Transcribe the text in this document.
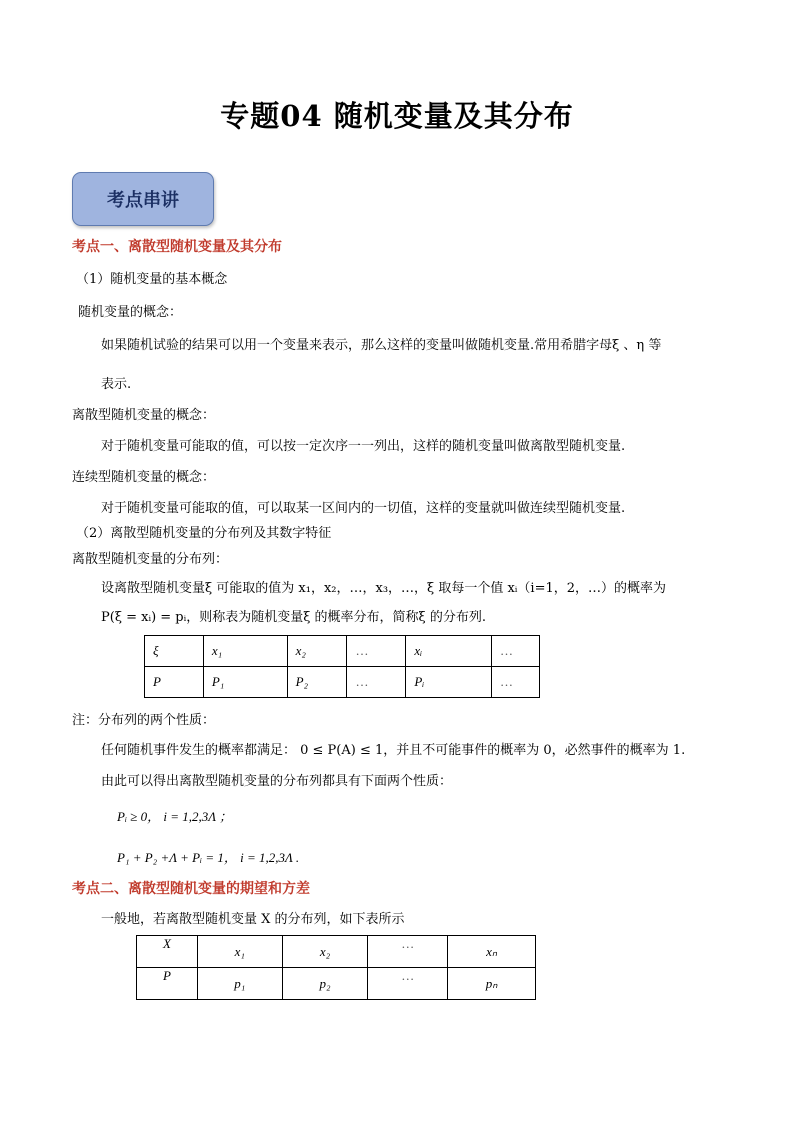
专题04 随机变量及其分布
考点串讲
考点一、离散型随机变量及其分布
（1）随机变量的基本概念
随机变量的概念：
如果随机试验的结果可以用一个变量来表示，那么这样的变量叫做随机变量.常用希腊字母ξ 、η 等
表示.
离散型随机变量的概念：
对于随机变量可能取的值，可以按一定次序一一列出，这样的随机变量叫做离散型随机变量.
连续型随机变量的概念：
对于随机变量可能取的值，可以取某一区间内的一切值，这样的变量就叫做连续型随机变量.
（2）离散型随机变量的分布列及其数字特征
离散型随机变量的分布列：
设离散型随机变量ξ 可能取的值为 x₁，x₂，…，x₃，…，ξ 取每一个值 xᵢ（i=1，2，…）的概率为
P(ξ = xᵢ) = pᵢ，则称表为随机变量ξ 的概率分布，简称ξ 的分布列.
ξ	x₁	x₂	…	xᵢ	…
P	P₁	P₂	…	Pᵢ	…
注：分布列的两个性质：
任何随机事件发生的概率都满足： 0 ≤ P(A) ≤ 1，并且不可能事件的概率为 0，必然事件的概率为 1.
由此可以得出离散型随机变量的分布列都具有下面两个性质：
Pᵢ ≥ 0， i = 1,2,3Λ ；
P₁ + P₂ +Λ + Pᵢ = 1， i = 1,2,3Λ .
考点二、离散型随机变量的期望和方差
一般地，若离散型随机变量 X 的分布列，如下表所示
X	x₁	x₂	…	xₙ
P	p₁	p₂	…	pₙ
